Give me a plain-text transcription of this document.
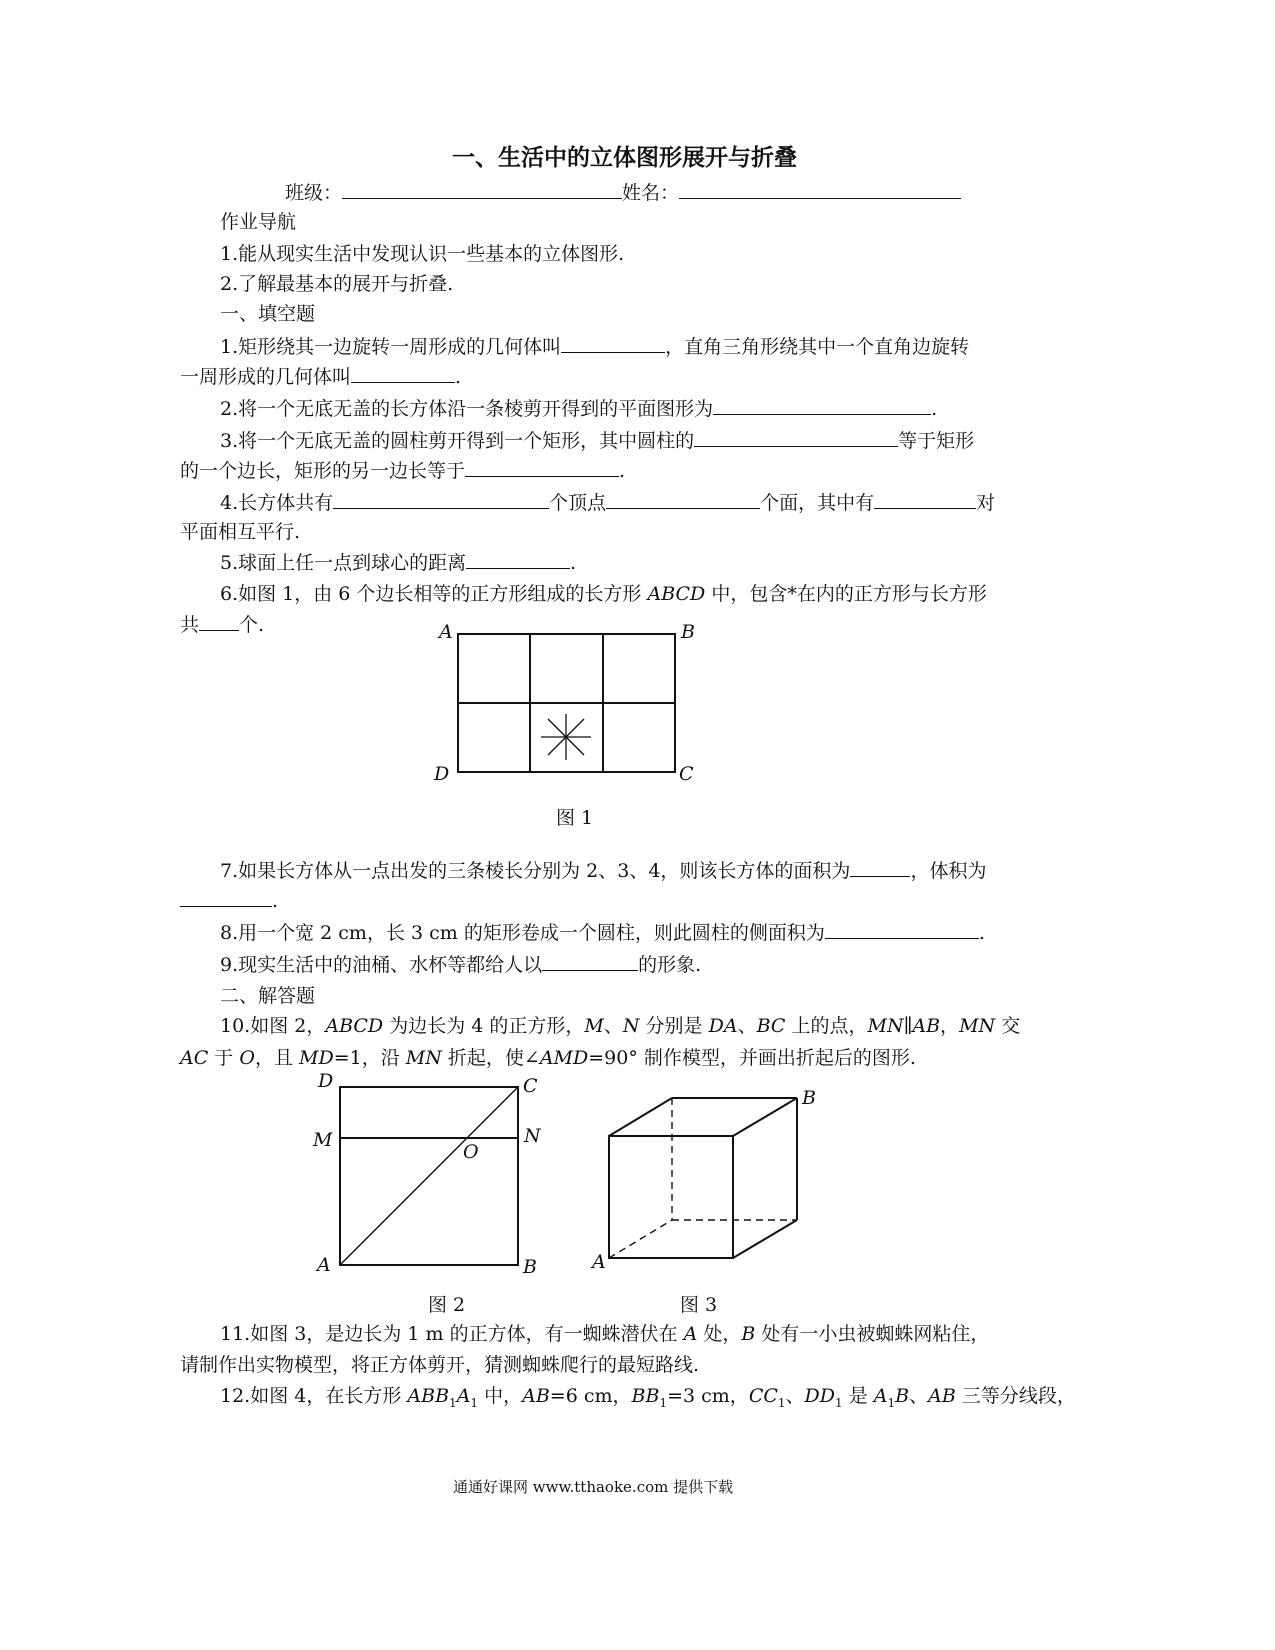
一、生活中的立体图形展开与折叠
班级：	姓名：
作业导航
1.能从现实生活中发现认识一些基本的立体图形.
2.了解最基本的展开与折叠.
一、填空题
1.矩形绕其一边旋转一周形成的几何体叫	，直角三角形绕其中一个直角边旋转
一周形成的几何体叫	.
2.将一个无底无盖的长方体沿一条棱剪开得到的平面图形为	.
3.将一个无底无盖的圆柱剪开得到一个矩形，其中圆柱的	等于矩形
的一个边长，矩形的另一边长等于	.
4.长方体共有	个顶点	个面，其中有	对
平面相互平行.
5.球面上任一点到球心的距离	.
6.如图 1，由 6 个边长相等的正方形组成的长方形 ABCD 中，包含*在内的正方形与长方形
共 个.	A	B
C
D
图 1
7.如果长方体从一点出发的三条棱长分别为 2、3、4，则该长方体的面积为	，体积为
.
8.用一个宽 2 cm，长 3 cm 的矩形卷成一个圆柱，则此圆柱的侧面积为	.
9.现实生活中的油桶、水杯等都给人以	的形象.
二、解答题
10.如图 2，ABCD 为边长为 4 的正方形，M、N 分别是 DA、BC 上的点，MN∥AB，MN 交
AC 于 O，且 MD=1，沿 MN 折起，使∠AMD=90° 制作模型，并画出折起后的图形.
D	C
M	N
O
A	B	A
B
图 2	图 3
11.如图 3，是边长为 1 m 的正方体，有一蜘蛛潜伏在 A 处，B 处有一小虫被蜘蛛网粘住，
请制作出实物模型，将正方体剪开，猜测蜘蛛爬行的最短路线.
12.如图 4，在长方形 $ABB_1A_1$ 中，AB=6 cm，$BB_1=3$ cm，$CC_1$、$DD_1$ 是 $A_1B$、AB 三等分线段，
通通好课网 www.tthaoke.com 提供下载
